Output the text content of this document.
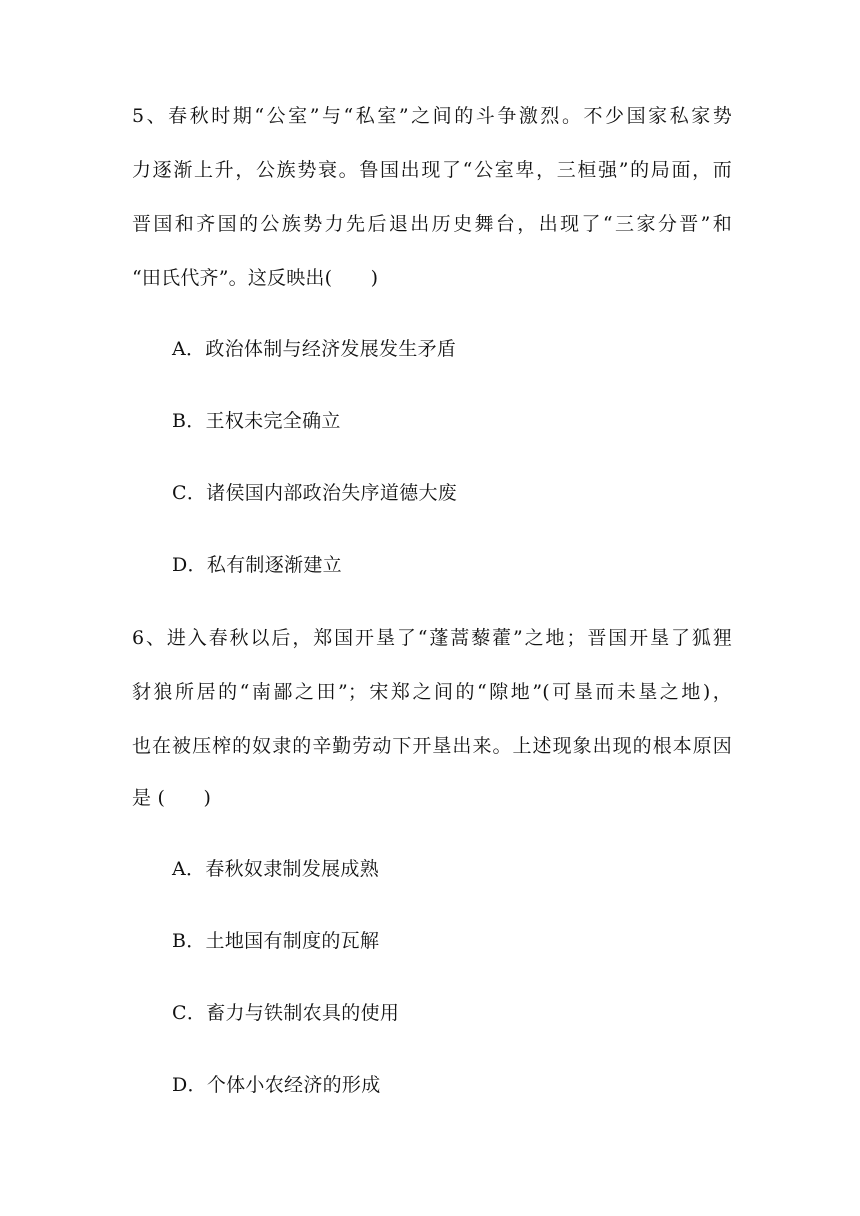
5、春秋时期“公室”与“私室”之间的斗争激烈。不少国家私家势
力逐渐上升，公族势衰。鲁国出现了“公室卑，三桓强”的局面，而
晋国和齐国的公族势力先后退出历史舞台，出现了“三家分晋”和
“田氏代齐”。这反映出(　　)
A．政治体制与经济发展发生矛盾
B．王权未完全确立
C．诸侯国内部政治失序道德大废
D．私有制逐渐建立
6、进入春秋以后，郑国开垦了“蓬蒿藜藿”之地；晋国开垦了狐狸
豺狼所居的“南鄙之田”；宋郑之间的“隙地”(可垦而未垦之地)，
也在被压榨的奴隶的辛勤劳动下开垦出来。上述现象出现的根本原因
是 (　　)
A．春秋奴隶制发展成熟
B．土地国有制度的瓦解
C．畜力与铁制农具的使用
D．个体小农经济的形成
